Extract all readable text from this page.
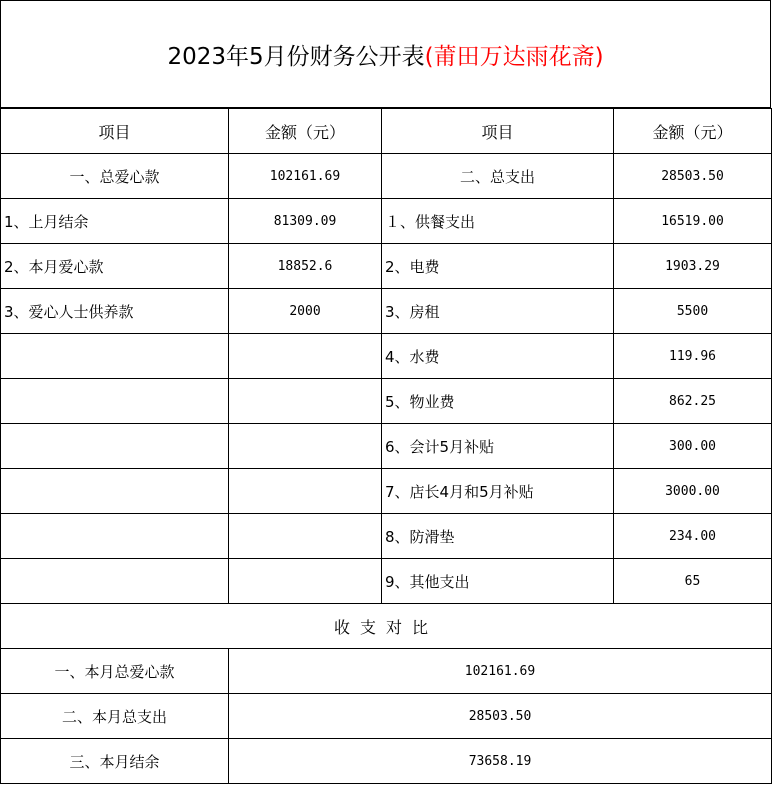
2023年5月份财务公开表 (莆田万达雨花斋)
项目	金额（元）	项目	金额（元）
一、总爱心款	102161.69	二、总支出	28503.50
1、上月结余	81309.09	１、供餐支出	16519.00
2、本月爱心款	18852.6	2、电费	1903.29
3、爱心人士供养款	2000	3、房租	5500
		4、水费	119.96
		5、物业费	862.25
		6、会计5月补贴	300.00
		7、店长4月和5月补贴	3000.00
		8、防滑垫	234.00
		9、其他支出	65
收支对比			
一、本月总爱心款	102161.69		
二、本月总支出	28503.50		
三、本月结余	73658.19		
